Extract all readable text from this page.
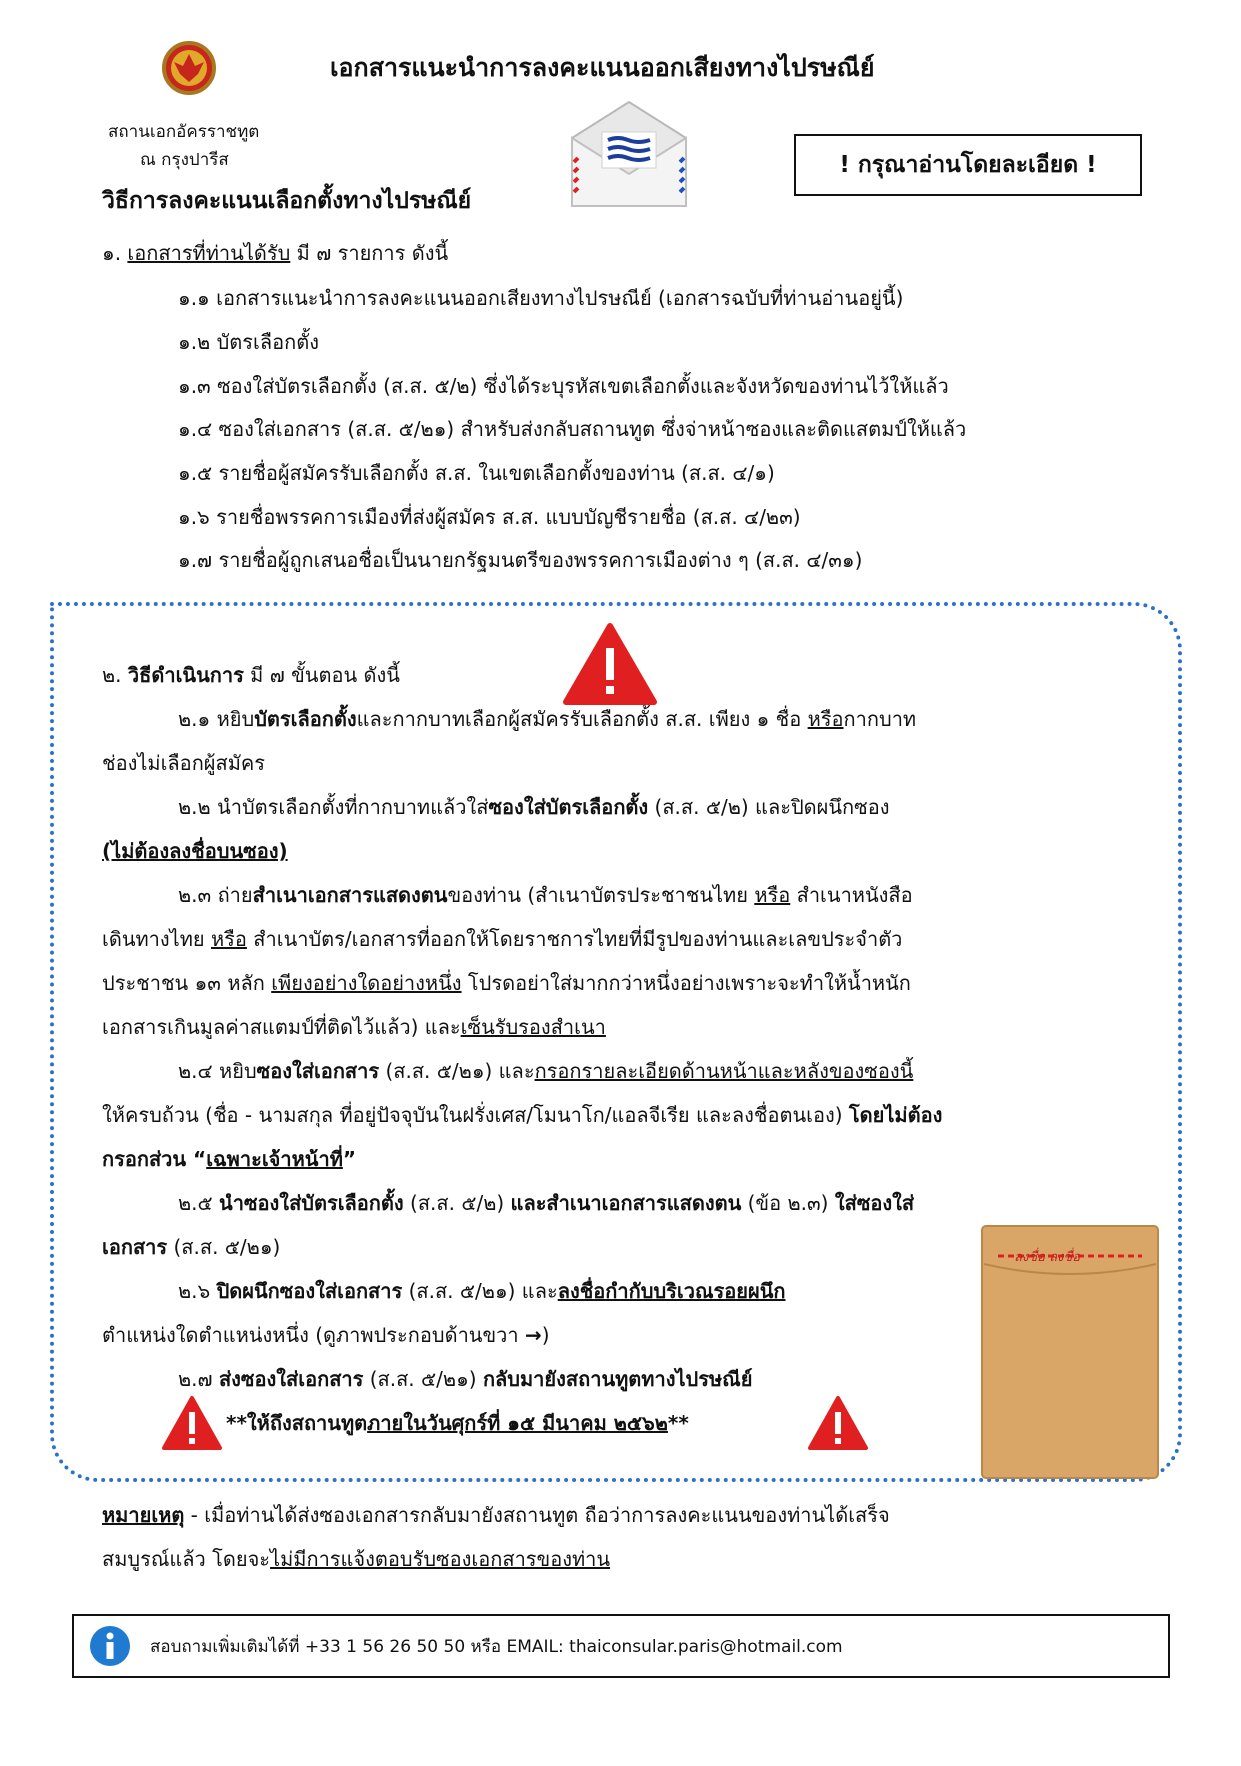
เอกสารแนะนำการลงคะแนนออกเสียงทางไปรษณีย์
สถานเอกอัครราชทูต
ณ กรุงปารีส	! กรุณาอ่านโดยละเอียด !
วิธีการลงคะแนนเลือกตั้งทางไปรษณีย์
๑. เอกสารที่ท่านได้รับ มี ๗ รายการ ดังนี้
๑.๑ เอกสารแนะนำการลงคะแนนออกเสียงทางไปรษณีย์ (เอกสารฉบับที่ท่านอ่านอยู่นี้)
๑.๒ บัตรเลือกตั้ง
๑.๓ ซองใส่บัตรเลือกตั้ง (ส.ส. ๕/๒) ซึ่งได้ระบุรหัสเขตเลือกตั้งและจังหวัดของท่านไว้ให้แล้ว
๑.๔ ซองใส่เอกสาร (ส.ส. ๕/๒๑) สำหรับส่งกลับสถานทูต ซึ่งจ่าหน้าซองและติดแสตมป์ให้แล้ว
๑.๕ รายชื่อผู้สมัครรับเลือกตั้ง ส.ส. ในเขตเลือกตั้งของท่าน (ส.ส. ๔/๑)
๑.๖ รายชื่อพรรคการเมืองที่ส่งผู้สมัคร ส.ส. แบบบัญชีรายชื่อ (ส.ส. ๔/๒๓)
๑.๗ รายชื่อผู้ถูกเสนอชื่อเป็นนายกรัฐมนตรีของพรรคการเมืองต่าง ๆ (ส.ส. ๔/๓๑)
๒. วิธีดำเนินการ มี ๗ ขั้นตอน ดังนี้
๒.๑ หยิบบัตรเลือกตั้งและกากบาทเลือกผู้สมัครรับเลือกตั้ง ส.ส. เพียง ๑ ชื่อ หรือกากบาท
ช่องไม่เลือกผู้สมัคร
๒.๒ นำบัตรเลือกตั้งที่กากบาทแล้วใส่ซองใส่บัตรเลือกตั้ง (ส.ส. ๕/๒) และปิดผนึกซอง
(ไม่ต้องลงชื่อบนซอง)
๒.๓ ถ่ายสำเนาเอกสารแสดงตนของท่าน (สำเนาบัตรประชาชนไทย หรือ สำเนาหนังสือ
เดินทางไทย หรือ สำเนาบัตร/เอกสารที่ออกให้โดยราชการไทยที่มีรูปของท่านและเลขประจำตัว
ประชาชน ๑๓ หลัก เพียงอย่างใดอย่างหนึ่ง โปรดอย่าใส่มากกว่าหนึ่งอย่างเพราะจะทำให้น้ำหนัก
เอกสารเกินมูลค่าสแตมป์ที่ติดไว้แล้ว) และเซ็นรับรองสำเนา
๒.๔ หยิบซองใส่เอกสาร (ส.ส. ๕/๒๑) และกรอกรายละเอียดด้านหน้าและหลังของซองนี้
ให้ครบถ้วน (ชื่อ - นามสกุล ที่อยู่ปัจจุบันในฝรั่งเศส/โมนาโก/แอลจีเรีย และลงชื่อตนเอง) โดยไม่ต้อง
กรอกส่วน “เฉพาะเจ้าหน้าที่”
๒.๕ นำซองใส่บัตรเลือกตั้ง (ส.ส. ๕/๒) และสำเนาเอกสารแสดงตน (ข้อ ๒.๓) ใส่ซองใส่
เอกสาร (ส.ส. ๕/๒๑)
๒.๖ ปิดผนึกซองใส่เอกสาร (ส.ส. ๕/๒๑) และลงชื่อกำกับบริเวณรอยผนึก
ตำแหน่งใดตำแหน่งหนึ่ง (ดูภาพประกอบด้านขวา →)
๒.๗ ส่งซองใส่เอกสาร (ส.ส. ๕/๒๑) กลับมายังสถานทูตทางไปรษณีย์
**ให้ถึงสถานทูตภายในวันศุกร์ที่ ๑๕ มีนาคม ๒๕๖๒**
ลงชื่อ ลงชื่อ
หมายเหตุ - เมื่อท่านได้ส่งซองเอกสารกลับมายังสถานทูต ถือว่าการลงคะแนนของท่านได้เสร็จ
สมบูรณ์แล้ว โดยจะไม่มีการแจ้งตอบรับซองเอกสารของท่าน
สอบถามเพิ่มเติมได้ที่ +33 1 56 26 50 50 หรือ EMAIL: thaiconsular.paris@hotmail.com
